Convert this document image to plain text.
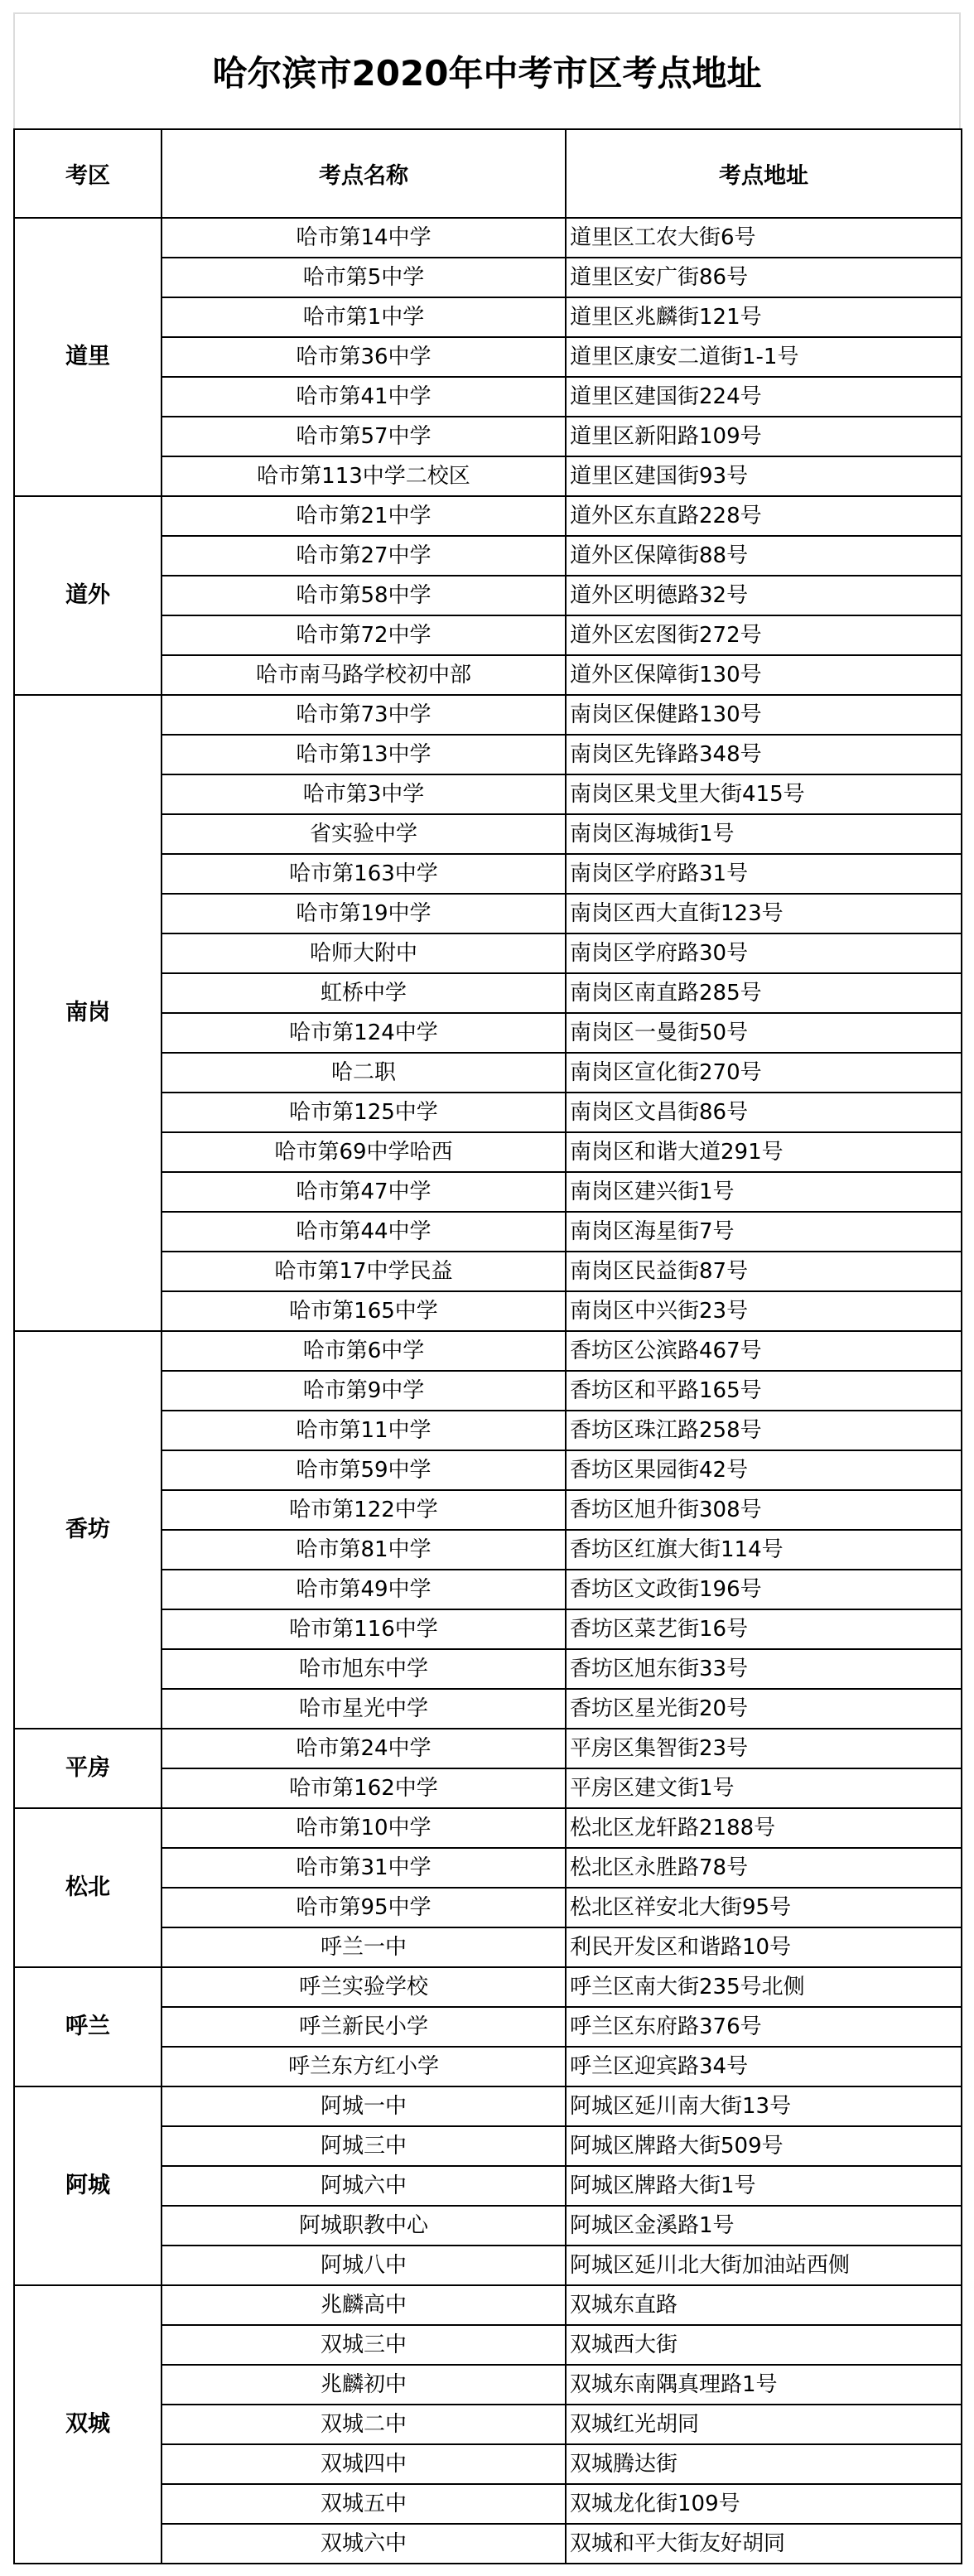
哈尔滨市2020年中考市区考点地址
考区	考点名称	考点地址
道里	哈市第14中学	道里区工农大街6号
	哈市第5中学	道里区安广街86号
	哈市第1中学	道里区兆麟街121号
	哈市第36中学	道里区康安二道街1-1号
	哈市第41中学	道里区建国街224号
	哈市第57中学	道里区新阳路109号
	哈市第113中学二校区	道里区建国街93号
道外	哈市第21中学	道外区东直路228号
	哈市第27中学	道外区保障街88号
	哈市第58中学	道外区明德路32号
	哈市第72中学	道外区宏图街272号
	哈市南马路学校初中部	道外区保障街130号
南岗	哈市第73中学	南岗区保健路130号
	哈市第13中学	南岗区先锋路348号
	哈市第3中学	南岗区果戈里大街415号
	省实验中学	南岗区海城街1号
	哈市第163中学	南岗区学府路31号
	哈市第19中学	南岗区西大直街123号
	哈师大附中	南岗区学府路30号
	虹桥中学	南岗区南直路285号
	哈市第124中学	南岗区一曼街50号
	哈二职	南岗区宣化街270号
	哈市第125中学	南岗区文昌街86号
	哈市第69中学哈西	南岗区和谐大道291号
	哈市第47中学	南岗区建兴街1号
	哈市第44中学	南岗区海星街7号
	哈市第17中学民益	南岗区民益街87号
	哈市第165中学	南岗区中兴街23号
香坊	哈市第6中学	香坊区公滨路467号
	哈市第9中学	香坊区和平路165号
	哈市第11中学	香坊区珠江路258号
	哈市第59中学	香坊区果园街42号
	哈市第122中学	香坊区旭升街308号
	哈市第81中学	香坊区红旗大街114号
	哈市第49中学	香坊区文政街196号
	哈市第116中学	香坊区菜艺街16号
	哈市旭东中学	香坊区旭东街33号
	哈市星光中学	香坊区星光街20号
平房	哈市第24中学	平房区集智街23号
	哈市第162中学	平房区建文街1号
松北	哈市第10中学	松北区龙轩路2188号
	哈市第31中学	松北区永胜路78号
	哈市第95中学	松北区祥安北大街95号
	呼兰一中	利民开发区和谐路10号
呼兰	呼兰实验学校	呼兰区南大街235号北侧
	呼兰新民小学	呼兰区东府路376号
	呼兰东方红小学	呼兰区迎宾路34号
阿城	阿城一中	阿城区延川南大街13号
	阿城三中	阿城区牌路大街509号
	阿城六中	阿城区牌路大街1号
	阿城职教中心	阿城区金溪路1号
	阿城八中	阿城区延川北大街加油站西侧
双城	兆麟高中	双城东直路
	双城三中	双城西大街
	兆麟初中	双城东南隅真理路1号
	双城二中	双城红光胡同
	双城四中	双城腾达街
	双城五中	双城龙化街109号
	双城六中	双城和平大街友好胡同
